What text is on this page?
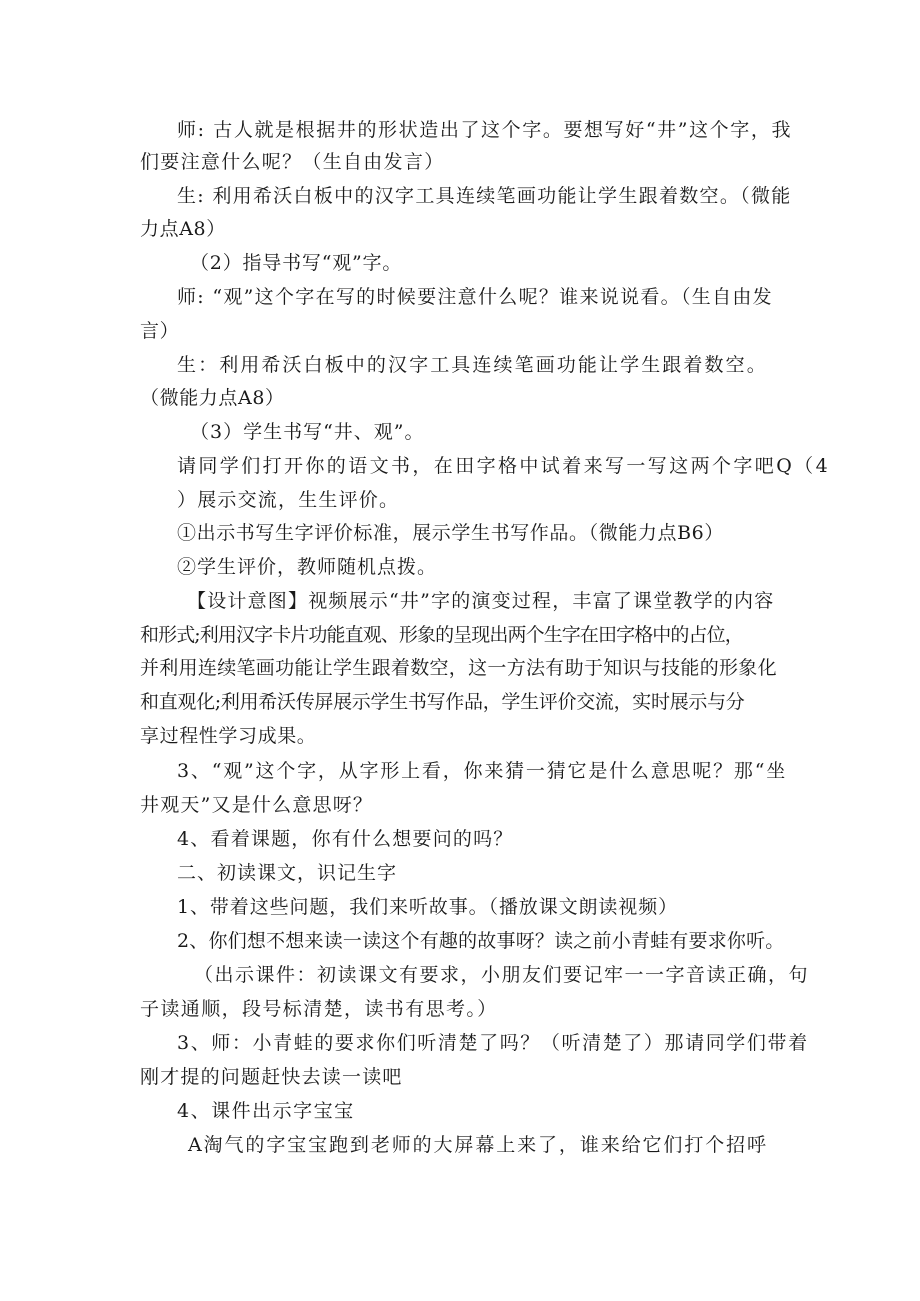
师: 古人就是根据井的形状造出了这个字。要想写好“井”这个字，我
们要注意什么呢？（生自由发言）
生: 利用希沃白板中的汉字工具连续笔画功能让学生跟着数空。（微能
力点A8）
（2）指导书写“观”字。
师: “观”这个字在写的时候要注意什么呢？谁来说说看。（生自由发
言）
生：利用希沃白板中的汉字工具连续笔画功能让学生跟着数空。
（微能力点A8）
（3）学生书写“井、观”。
请同学们打开你的语文书，在田字格中试着来写一写这两个字吧Q（4
）展示交流，生生评价。
①出示书写生字评价标准，展示学生书写作品。（微能力点B6）
②学生评价，教师随机点拨。
【设计意图】视频展示“井”字的演变过程，丰富了课堂教学的内容
和形式;利用汉字卡片功能直观、形象的呈现出两个生字在田字格中的占位，
并利用连续笔画功能让学生跟着数空，这一方法有助于知识与技能的形象化
和直观化;利用希沃传屏展示学生书写作品，学生评价交流，实时展示与分
享过程性学习成果。
3、“观”这个字，从字形上看，你来猜一猜它是什么意思呢？那“坐
井观天”又是什么意思呀？
4、看着课题，你有什么想要问的吗？
二、初读课文，识记生字
1、带着这些问题，我们来听故事。（播放课文朗读视频）
2、你们想不想来读一读这个有趣的故事呀？读之前小青蛙有要求你听。
（出示课件：初读课文有要求，小朋友们要记牢一一字音读正确，句
子读通顺，段号标清楚，读书有思考。）
3、师：小青蛙的要求你们听清楚了吗？（听清楚了）那请同学们带着
刚才提的问题赶快去读一读吧
4、课件出示字宝宝
A淘气的字宝宝跑到老师的大屏幕上来了，谁来给它们打个招呼
